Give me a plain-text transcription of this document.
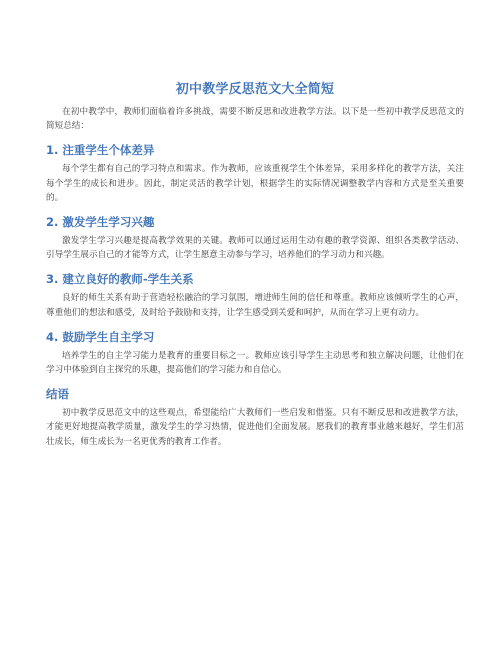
初中教学反思范文大全简短

在初中教学中，教师们面临着许多挑战，需要不断反思和改进教学方法。以下是一些初中教学反思范文的简短总结：

1. 注重学生个体差异

每个学生都有自己的学习特点和需求。作为教师，应该重视学生个体差异，采用多样化的教学方法，关注每个学生的成长和进步。因此，制定灵活的教学计划，根据学生的实际情况调整教学内容和方式是至关重要的。

2. 激发学生学习兴趣

激发学生学习兴趣是提高教学效果的关键。教师可以通过运用生动有趣的教学资源、组织各类教学活动、引导学生展示自己的才能等方式，让学生愿意主动参与学习，培养他们的学习动力和兴趣。

3. 建立良好的教师-学生关系

良好的师生关系有助于营造轻松融洽的学习氛围，增进师生间的信任和尊重。教师应该倾听学生的心声，尊重他们的想法和感受，及时给予鼓励和支持，让学生感受到关爱和呵护，从而在学习上更有动力。

4. 鼓励学生自主学习

培养学生的自主学习能力是教育的重要目标之一。教师应该引导学生主动思考和独立解决问题，让他们在学习中体验到自主探究的乐趣，提高他们的学习能力和自信心。

结语

初中教学反思范文中的这些观点，希望能给广大教师们一些启发和借鉴。只有不断反思和改进教学方法，才能更好地提高教学质量，激发学生的学习热情，促进他们全面发展。愿我们的教育事业越来越好，学生们茁壮成长，师生成长为一名更优秀的教育工作者。
